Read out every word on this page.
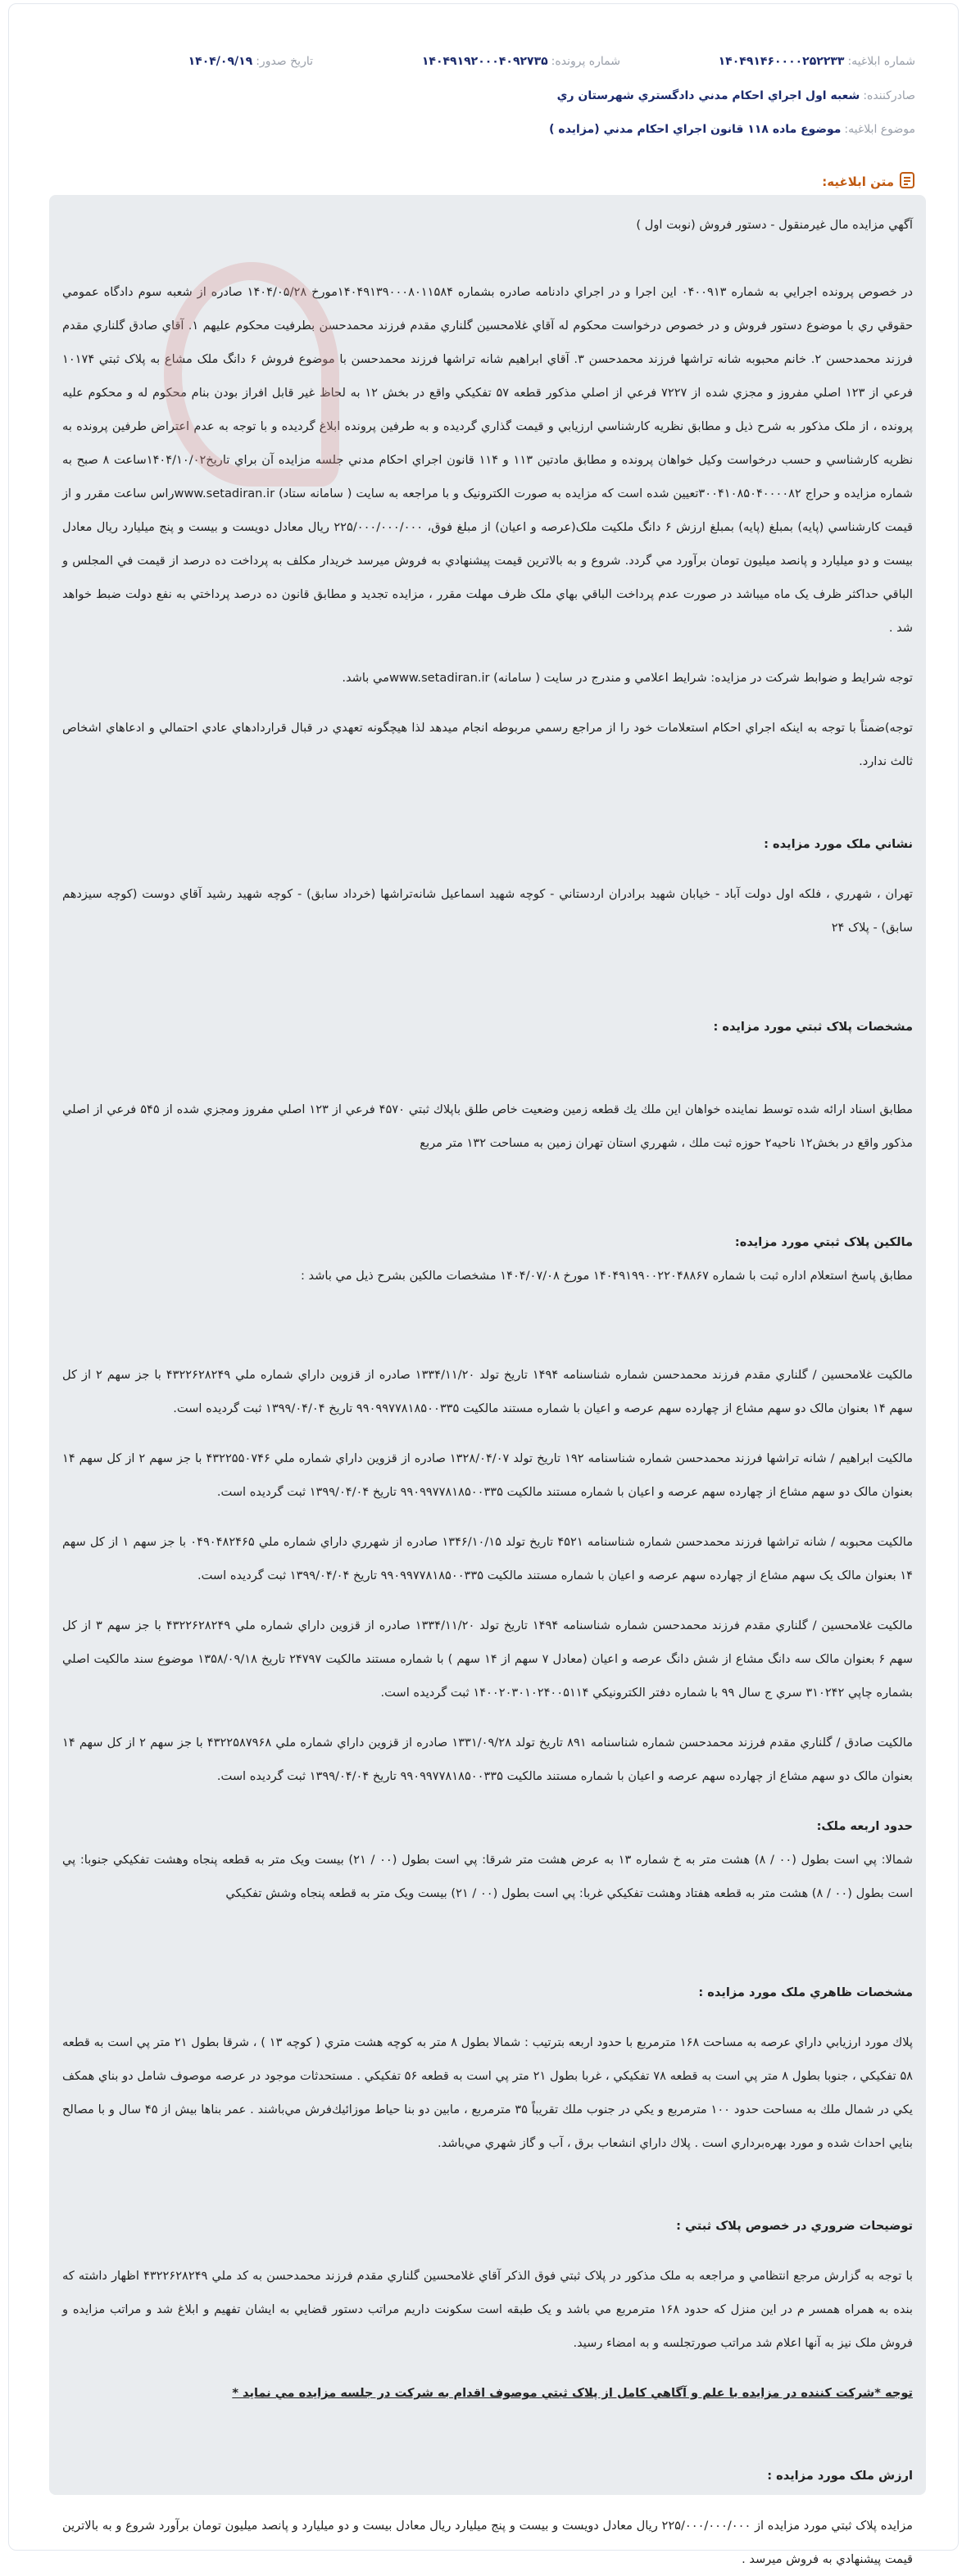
شماره ابلاغيه:۱۴۰۴۹۱۴۶۰۰۰۰۲۵۲۲۳۳
شماره پرونده:۱۴۰۴۹۱۹۲۰۰۰۴۰۹۲۷۳۵
تاريخ صدور:۱۴۰۴/۰۹/۱۹
صادرکننده:
شعبه اول اجراي احکام مدني دادگستري شهرستان ري
موضوع ابلاغيه:
موضوع ماده ۱۱۸ قانون اجراي احکام مدني (مزايده )
متن ابلاغيه:

آگهي مزايده مال غيرمنقول - دستور فروش (نوبت اول )

در خصوص پرونده اجرايي به شماره ۰۴۰۰۹۱۳ اين اجرا و در اجراي دادنامه صادره بشماره ۱۴۰۴۹۱۳۹۰۰۰۸۰۱۱۵۸۴مورخ ۱۴۰۴/۰۵/۲۸ صادره از شعبه سوم دادگاه عمومي حقوقي ري با موضوع دستور فروش و در خصوص درخواست محکوم له آقاي غلامحسين گلناري مقدم فرزند محمدحسن بطرفيت محکوم عليهم ۱. آقاي صادق گلناري مقدم فرزند محمدحسن ۲. خانم محبوبه شانه تراشها فرزند محمدحسن ۳. آقاي ابراهيم شانه تراشها فرزند محمدحسن با موضوع فروش ۶ دانگ ملک مشاع به پلاک ثبتي ۱۰۱۷۴ فرعي از ۱۲۳ اصلي مفروز و مجزي شده از ۷۲۲۷ فرعي از اصلي مذکور قطعه ۵۷ تفکيکي واقع در بخش ۱۲ به لحاظ غير قابل افراز بودن بنام محکوم له و محکوم عليه پرونده ، از ملک مذکور به شرح ذيل و مطابق نظريه کارشناسي ارزيابي و قيمت گذاري گرديده و به طرفين پرونده ابلاغ گرديده و با توجه به عدم اعتراض طرفين پرونده به نظريه کارشناسي و حسب درخواست وکيل خواهان پرونده و مطابق مادتين ۱۱۳ و ۱۱۴ قانون اجراي احکام مدني جلسه مزايده آن براي تاريخ۱۴۰۴/۱۰/۰۲ساعت ۸ صبح به شماره مزايده و حراج ۳۰۰۴۱۰۸۵۰۴۰۰۰۰۸۲تعيين شده است که مزايده به صورت الکترونيک و با مراجعه به سايت ( سامانه ستاد) www.setadiran.irراس ساعت مقرر و از قيمت کارشناسي (پايه) بمبلغ (پايه) بمبلغ ارزش ۶ دانگ ملکيت ملک(عرصه و اعيان) از مبلغ فوق، ۲۲۵/۰۰۰/۰۰۰/۰۰۰ ريال معادل دويست و بيست و پنج ميليارد ريال معادل بيست و دو ميليارد و پانصد ميليون تومان برآورد مي گردد. شروع و به بالاترين قيمت پيشنهادي به فروش ميرسد خريدار مکلف به پرداخت ده درصد از قيمت في المجلس و الباقي حداکثر ظرف يک ماه ميباشد در صورت عدم پرداخت الباقي بهاي ملک ظرف مهلت مقرر ، مزايده تجديد و مطابق قانون ده درصد پرداختي به نفع دولت ضبط خواهد شد .

توجه شرايط و ضوابط شرکت در مزايده: شرايط اعلامي و مندرج در سايت ( سامانه) www.setadiran.irمي باشد.

توجه)ضمناً با توجه به اينکه اجراي احکام استعلامات خود را از مراجع رسمي مربوطه انجام ميدهد لذا هيچگونه تعهدي در قبال قراردادهاي عادي احتمالي و ادعاهاي اشخاص ثالث ندارد.

نشاني ملک مورد مزايده :

تهران ، شهرري ، فلکه اول دولت آباد - خيابان شهيد برادران اردستاني - کوچه شهيد اسماعيل شانه‌تراشها (خرداد سابق) - کوچه شهيد رشيد آقاي دوست (کوچه سيزدهم سابق) - پلاک ۲۴

مشخصات پلاک ثبتي مورد مزايده :

مطابق اسناد ارائه شده توسط نماينده خواهان اين ملك يك قطعه زمين وضعيت خاص طلق باپلاك ثبتي ۴۵۷۰ فرعي از ۱۲۳ اصلي مفروز ومجزي شده از ۵۴۵ فرعي از اصلي مذكور واقع در بخش۱۲ ناحيه۲ حوزه ثبت ملك ، شهرري استان تهران زمين به مساحت ۱۳۲ متر مربع

مالکين پلاک ثبتي مورد مزايده:

مطابق پاسخ استعلام اداره ثبت با شماره ۱۴۰۴۹۱۹۹۰۰۲۲۰۴۸۸۶۷ مورخ ۱۴۰۴/۰۷/۰۸ مشخصات مالکين بشرح ذيل مي باشد :

مالکيت غلامحسين / گلناري مقدم فرزند محمدحسن شماره شناسنامه ۱۴۹۴ تاريخ تولد ۱۳۳۴/۱۱/۲۰ صادره از قزوين داراي شماره ملي ۴۳۲۲۶۲۸۲۴۹ با جز سهم ۲ از کل سهم ۱۴ بعنوان مالک دو سهم مشاع از چهارده سهم عرصه و اعيان با شماره مستند مالکيت ۹۹۰۹۹۷۷۸۱۸۵۰۰۳۳۵ تاريخ ۱۳۹۹/۰۴/۰۴ ثبت گرديده است.

مالکيت ابراهيم / شانه تراشها فرزند محمدحسن شماره شناسنامه ۱۹۲ تاريخ تولد ۱۳۲۸/۰۴/۰۷ صادره از قزوين داراي شماره ملي ۴۳۲۲۵۵۰۷۴۶ با جز سهم ۲ از کل سهم ۱۴ بعنوان مالک دو سهم مشاع از چهارده سهم عرصه و اعيان با شماره مستند مالکيت ۹۹۰۹۹۷۷۸۱۸۵۰۰۳۳۵ تاريخ ۱۳۹۹/۰۴/۰۴ ثبت گرديده است.

مالکيت محبوبه / شانه تراشها فرزند محمدحسن شماره شناسنامه ۴۵۲۱ تاريخ تولد ۱۳۴۶/۱۰/۱۵ صادره از شهرري داراي شماره ملي ۰۴۹۰۴۸۲۴۶۵ با جز سهم ۱ از کل سهم ۱۴ بعنوان مالک يک سهم مشاع از چهارده سهم عرصه و اعيان با شماره مستند مالکيت ۹۹۰۹۹۷۷۸۱۸۵۰۰۳۳۵ تاريخ ۱۳۹۹/۰۴/۰۴ ثبت گرديده است.

مالکيت غلامحسين / گلناري مقدم فرزند محمدحسن شماره شناسنامه ۱۴۹۴ تاريخ تولد ۱۳۳۴/۱۱/۲۰ صادره از قزوين داراي شماره ملي ۴۳۲۲۶۲۸۲۴۹ با جز سهم ۳ از کل سهم ۶ بعنوان مالک سه دانگ مشاع از شش دانگ عرصه و اعيان (معادل ۷ سهم از ۱۴ سهم ) با شماره مستند مالکيت ۲۴۷۹۷ تاريخ ۱۳۵۸/۰۹/۱۸ موضوع سند مالکيت اصلي بشماره چاپي ۳۱۰۲۴۲ سري ج سال ۹۹ با شماره دفتر الکترونيکي ۱۴۰۰۲۰۳۰۱۰۲۴۰۰۵۱۱۴ ثبت گرديده است.

مالکيت صادق / گلناري مقدم فرزند محمدحسن شماره شناسنامه ۸۹۱ تاريخ تولد ۱۳۳۱/۰۹/۲۸ صادره از قزوين داراي شماره ملي ۴۳۲۲۵۸۷۹۶۸ با جز سهم ۲ از کل سهم ۱۴ بعنوان مالک دو سهم مشاع از چهارده سهم عرصه و اعيان با شماره مستند مالکيت ۹۹۰۹۹۷۷۸۱۸۵۰۰۳۳۵ تاريخ ۱۳۹۹/۰۴/۰۴ ثبت گرديده است.

حدود اربعه ملک:

شمالا: پي است بطول (۰۰ / ۸) هشت متر به خ شماره ۱۳ به عرض هشت متر شرقا: پي است بطول (۰۰ / ۲۱) بيست ويک متر به قطعه پنجاه وهشت تفکيکي جنوبا: پي است بطول (۰۰ / ۸) هشت متر به قطعه هفتاد وهشت تفکيکي غربا: پي است بطول (۰۰ / ۲۱) بيست ويک متر به قطعه پنجاه وشش تفکيکي

مشخصات ظاهري ملک مورد مزايده :

پلاك مورد ارزيابي داراي عرصه به مساحت ۱۶۸ مترمربع با حدود اربعه بترتيب : شمالا بطول ۸ متر به كوچه هشت متري ( كوچه ۱۳ ) ، شرقا بطول ۲۱ متر پي است به قطعه ۵۸ تفكيكي ، جنوبا بطول ۸ متر پي است به قطعه ۷۸ تفكيكي ، غربا بطول ۲۱ متر پي است به قطعه ۵۶ تفكيكي . مستحدثات موجود در عرصه موصوف شامل دو بناي همكف يكي در شمال ملك به مساحت حدود ۱۰۰ مترمربع و يكي در جنوب ملك تقريباً ۳۵ مترمربع ، مابين دو بنا حياط موزائيك‌فرش مي‌باشند . عمر بناها بيش از ۴۵ سال و با مصالح بنايي احداث شده و مورد بهره‌برداري است . پلاك داراي انشعاب برق ، آب و گاز شهري مي‌باشد.

توضيحات ضروري در خصوص پلاک ثبتي :

با توجه به گزارش مرجع انتظامي و مراجعه به ملک مذکور در پلاک ثبتي فوق الذکر آقاي غلامحسين گلناري مقدم فرزند محمدحسن به کد ملي ۴۳۲۲۶۲۸۲۴۹ اظهار داشته که بنده به همراه همسر م در اين منزل که حدود ۱۶۸ مترمربع مي باشد و يک طبقه است سکونت داريم مراتب دستور قضايي به ايشان تفهيم و ابلاغ شد و مراتب مزايده و فروش ملک نيز به آنها اعلام شد مراتب صورتجلسه و به امضاء رسيد.

توجه *شرکت کننده در مزايده با علم و آگاهي کامل از پلاک ثبتي موصوف اقدام به شرکت در جلسه مزايده مي نمايد *

ارزش ملک مورد مزايده :

مزايده پلاک ثبتي مورد مزايده از ۲۲۵/۰۰۰/۰۰۰/۰۰۰ ريال معادل دويست و بيست و پنج ميليارد ريال معادل بيست و دو ميليارد و پانصد ميليون تومان برآورد شروع و به بالاترين قيمت پيشنهادي به فروش ميرسد .
